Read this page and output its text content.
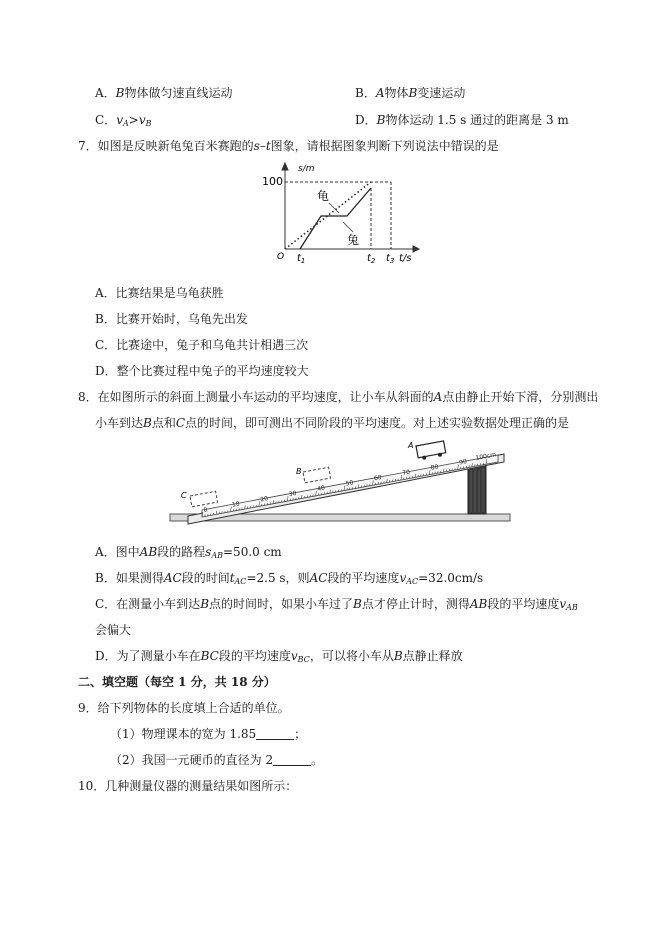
A．B物体做匀速直线运动	B．A物体B变速运动
C．$v_A>v_B$	D．B物体运动 1.5 s 通过的距离是 3 m
7．如图是反映新龟兔百米赛跑的s–t图象，请根据图象判断下列说法中错误的是
s/m
100
O $t_1$	$t_2$ $t_3$ t/s
龟
兔
A．比赛结果是乌龟获胜
B．比赛开始时，乌龟先出发
C．比赛途中，兔子和乌龟共计相遇三次
D．整个比赛过程中兔子的平均速度较大
8．在如图所示的斜面上测量小车运动的平均速度，让小车从斜面的A点由静止开始下滑，分别测出
小车到达B点和C点的时间，即可测出不同阶段的平均速度。对上述实验数据处理正确的是
0
10
20
30
40
50
60
70
80
90
100cm
A
B
C
A．图中AB段的路程$s_{AB}=50.0$ cm
B．如果测得AC段的时间$t_{AC}=2.5$ s，则AC段的平均速度$v_{AC}=32.0cm/s$
C．在测量小车到达B点的时间时，如果小车过了B点才停止计时，测得AB段的平均速度$v_{AB}$
会偏大
D．为了测量小车在BC段的平均速度$v_{BC}$，可以将小车从B点静止释放
二、填空题（每空 1 分，共 18 分）
9．给下列物体的长度填上合适的单位。
（1）物理课本的宽为 1.85	；
（2）我国一元硬币的直径为 2	。
10．几种测量仪器的测量结果如图所示：
